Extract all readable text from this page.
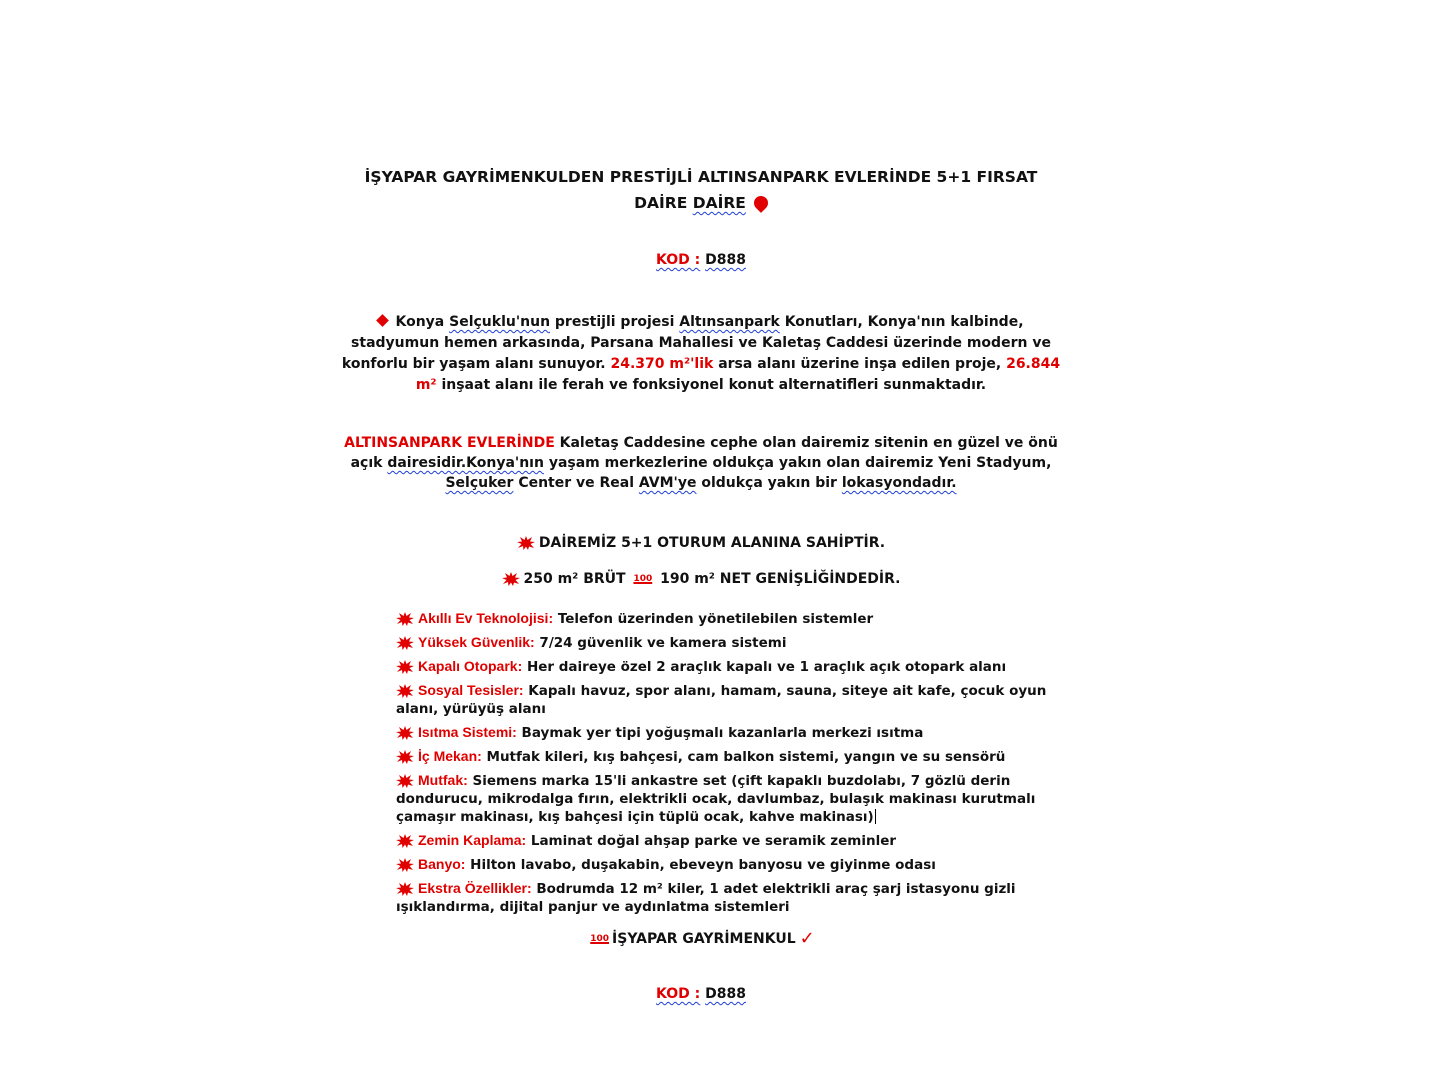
İŞYAPAR GAYRİMENKULDEN PRESTİJLİ ALTINSANPARK EVLERİNDE 5+1 FIRSAT
DAİRE DAİRE
KOD : D888
Konya Selçuklu'nun prestijli projesi Altınsanpark Konutları, Konya'nın kalbinde, stadyumun hemen arkasında, Parsana Mahallesi ve Kaletaş Caddesi üzerinde modern ve konforlu bir yaşam alanı sunuyor. 24.370 m²'lik arsa alanı üzerine inşa edilen proje, 26.844 m² inşaat alanı ile ferah ve fonksiyonel konut alternatifleri sunmaktadır.
ALTINSANPARK EVLERİNDE Kaletaş Caddesine cephe olan dairemiz sitenin en güzel ve önü açık dairesidir.Konya'nın yaşam merkezlerine oldukça yakın olan dairemiz Yeni Stadyum, Selçuker Center ve Real AVM'ye oldukça yakın bir lokasyondadır.
DAİREMİZ 5+1 OTURUM ALANINA SAHİPTİR.
250 m² BRÜT 100 190 m² NET GENİŞLİĞİNDEDİR.
Akıllı Ev Teknolojisi: Telefon üzerinden yönetilebilen sistemler
Yüksek Güvenlik: 7/24 güvenlik ve kamera sistemi
Kapalı Otopark: Her daireye özel 2 araçlık kapalı ve 1 araçlık açık otopark alanı
Sosyal Tesisler: Kapalı havuz, spor alanı, hamam, sauna, siteye ait kafe, çocuk oyun alanı, yürüyüş alanı
Isıtma Sistemi: Baymak yer tipi yoğuşmalı kazanlarla merkezi ısıtma
İç Mekan: Mutfak kileri, kış bahçesi, cam balkon sistemi, yangın ve su sensörü
Mutfak: Siemens marka 15'li ankastre set (çift kapaklı buzdolabı, 7 gözlü derin dondurucu, mikrodalga fırın, elektrikli ocak, davlumbaz, bulaşık makinası kurutmalı çamaşır makinası, kış bahçesi için tüplü ocak, kahve makinası)
Zemin Kaplama: Laminat doğal ahşap parke ve seramik zeminler
Banyo: Hilton lavabo, duşakabin, ebeveyn banyosu ve giyinme odası
Ekstra Özellikler: Bodrumda 12 m² kiler, 1 adet elektrikli araç şarj istasyonu gizli ışıklandırma, dijital panjur ve aydınlatma sistemleri
100 İŞYAPAR GAYRİMENKUL ✓
KOD : D888
